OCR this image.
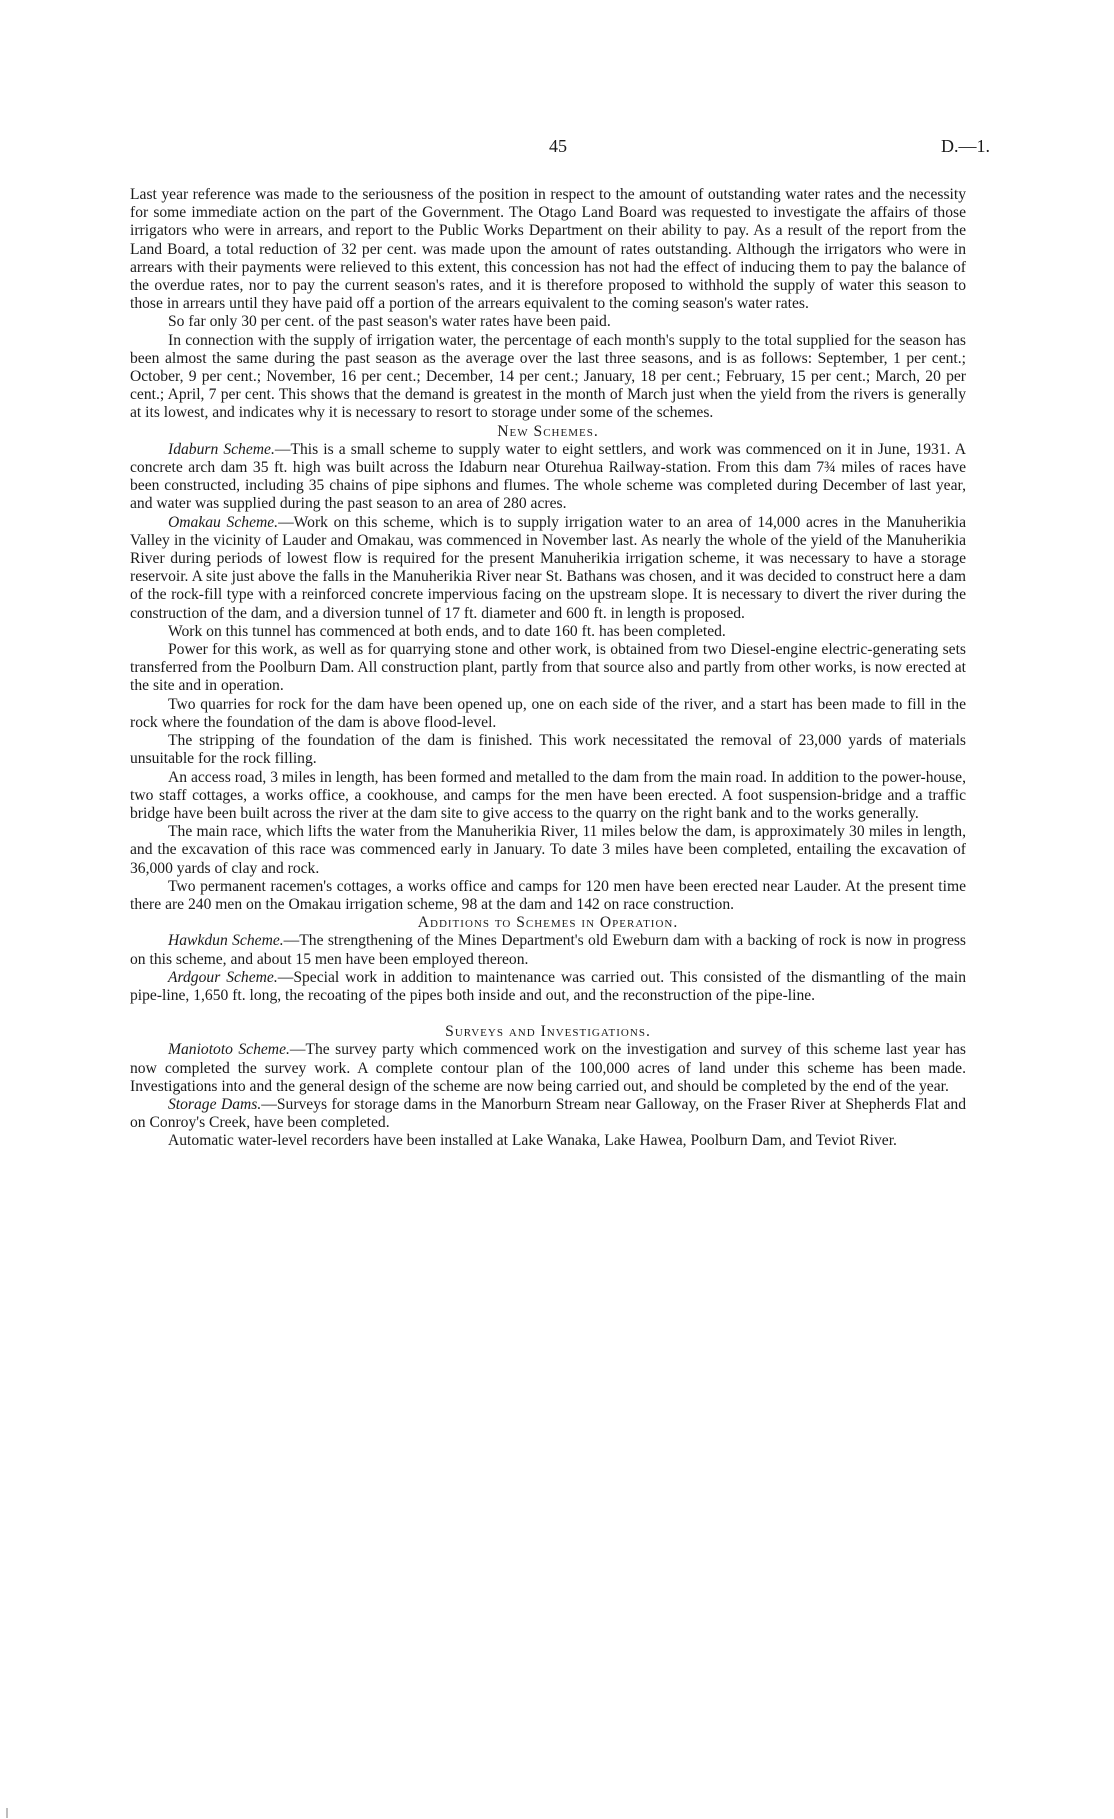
45	D.—1.

Last year reference was made to the seriousness of the position in respect to the amount of outstanding water rates and the necessity for some immediate action on the part of the Government. The Otago Land Board was requested to investigate the affairs of those irrigators who were in arrears, and report to the Public Works Department on their ability to pay. As a result of the report from the Land Board, a total reduction of 32 per cent. was made upon the amount of rates outstanding. Although the irrigators who were in arrears with their payments were relieved to this extent, this concession has not had the effect of inducing them to pay the balance of the overdue rates, nor to pay the current season's rates, and it is therefore proposed to withhold the supply of water this season to those in arrears until they have paid off a portion of the arrears equivalent to the coming season's water rates.

So far only 30 per cent. of the past season's water rates have been paid.

In connection with the supply of irrigation water, the percentage of each month's supply to the total supplied for the season has been almost the same during the past season as the average over the last three seasons, and is as follows: September, 1 per cent.; October, 9 per cent.; November, 16 per cent.; December, 14 per cent.; January, 18 per cent.; February, 15 per cent.; March, 20 per cent.; April, 7 per cent. This shows that the demand is greatest in the month of March just when the yield from the rivers is generally at its lowest, and indicates why it is necessary to resort to storage under some of the schemes.

New Schemes.

Idaburn Scheme.—This is a small scheme to supply water to eight settlers, and work was commenced on it in June, 1931. A concrete arch dam 35 ft. high was built across the Idaburn near Oturehua Railway-station. From this dam 7¾ miles of races have been constructed, including 35 chains of pipe siphons and flumes. The whole scheme was completed during December of last year, and water was supplied during the past season to an area of 280 acres.

Omakau Scheme.—Work on this scheme, which is to supply irrigation water to an area of 14,000 acres in the Manuherikia Valley in the vicinity of Lauder and Omakau, was commenced in November last. As nearly the whole of the yield of the Manuherikia River during periods of lowest flow is required for the present Manuherikia irrigation scheme, it was necessary to have a storage reservoir. A site just above the falls in the Manuherikia River near St. Bathans was chosen, and it was decided to construct here a dam of the rock-fill type with a reinforced concrete impervious facing on the upstream slope. It is necessary to divert the river during the construction of the dam, and a diversion tunnel of 17 ft. diameter and 600 ft. in length is proposed.

Work on this tunnel has commenced at both ends, and to date 160 ft. has been completed.

Power for this work, as well as for quarrying stone and other work, is obtained from two Diesel-engine electric-generating sets transferred from the Poolburn Dam. All construction plant, partly from that source also and partly from other works, is now erected at the site and in operation.

Two quarries for rock for the dam have been opened up, one on each side of the river, and a start has been made to fill in the rock where the foundation of the dam is above flood-level.

The stripping of the foundation of the dam is finished. This work necessitated the removal of 23,000 yards of materials unsuitable for the rock filling.

An access road, 3 miles in length, has been formed and metalled to the dam from the main road. In addition to the power-house, two staff cottages, a works office, a cookhouse, and camps for the men have been erected. A foot suspension-bridge and a traffic bridge have been built across the river at the dam site to give access to the quarry on the right bank and to the works generally.

The main race, which lifts the water from the Manuherikia River, 11 miles below the dam, is approximately 30 miles in length, and the excavation of this race was commenced early in January. To date 3 miles have been completed, entailing the excavation of 36,000 yards of clay and rock.

Two permanent racemen's cottages, a works office and camps for 120 men have been erected near Lauder. At the present time there are 240 men on the Omakau irrigation scheme, 98 at the dam and 142 on race construction.

Additions to Schemes in Operation.

Hawkdun Scheme.—The strengthening of the Mines Department's old Eweburn dam with a backing of rock is now in progress on this scheme, and about 15 men have been employed thereon.

Ardgour Scheme.—Special work in addition to maintenance was carried out. This consisted of the dismantling of the main pipe-line, 1,650 ft. long, the recoating of the pipes both inside and out, and the reconstruction of the pipe-line.

Surveys and Investigations.

Maniototo Scheme.—The survey party which commenced work on the investigation and survey of this scheme last year has now completed the survey work. A complete contour plan of the 100,000 acres of land under this scheme has been made. Investigations into and the general design of the scheme are now being carried out, and should be completed by the end of the year.

Storage Dams.—Surveys for storage dams in the Manorburn Stream near Galloway, on the Fraser River at Shepherds Flat and on Conroy's Creek, have been completed.

Automatic water-level recorders have been installed at Lake Wanaka, Lake Hawea, Poolburn Dam, and Teviot River.
